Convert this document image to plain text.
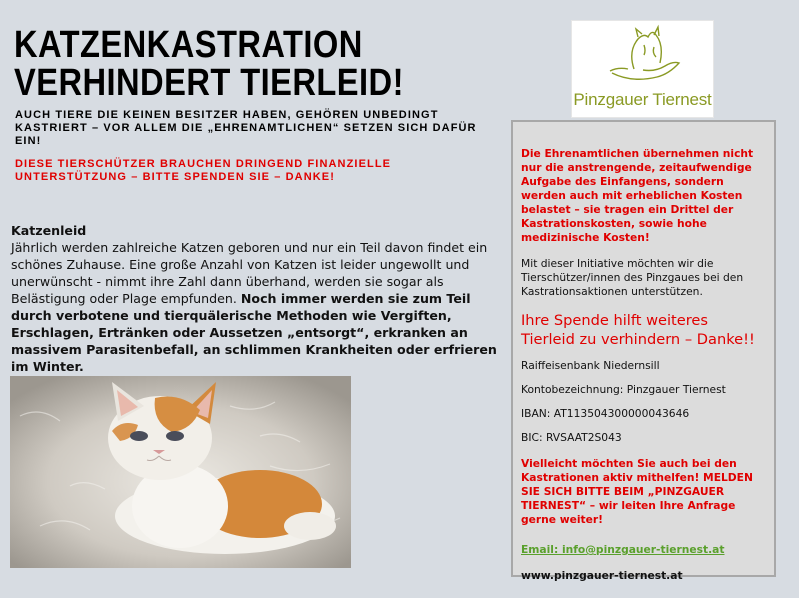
KATZENKASTRATION
VERHINDERT TIERLEID!
AUCH TIERE DIE KEINEN BESITZER HABEN, GEHÖREN UNBEDINGT KASTRIERT – VOR ALLEM DIE „EHRENAMTLICHEN“ SETZEN SICH DAFÜR EIN!
DIESE TIERSCHÜTZER BRAUCHEN DRINGEND FINANZIELLE UNTERSTÜTZUNG – BITTE SPENDEN SIE – DANKE!
Katzenleid
Jährlich werden zahlreiche Katzen geboren und nur ein Teil davon findet ein schönes Zuhause. Eine große Anzahl von Katzen ist leider ungewollt und unerwünscht - nimmt ihre Zahl dann überhand, werden sie sogar als Belästigung oder Plage empfunden. Noch immer werden sie zum Teil durch verbotene und tierquälerische Methoden wie Vergiften, Erschlagen, Ertränken oder Aussetzen „entsorgt“, erkranken an massivem Parasitenbefall, an schlimmen Krankheiten oder erfrieren im Winter.
Pinzgauer Tiernest

Die Ehrenamtlichen übernehmen nicht nur die anstrengende, zeitaufwendige Aufgabe des Einfangens, sondern werden auch mit erheblichen Kosten belastet – sie tragen ein Drittel der Kastrationskosten, sowie hohe medizinische Kosten!

Mit dieser Initiative möchten wir die Tierschützer/innen des Pinzgaues bei den Kastrationsaktionen unterstützen.

Ihre Spende hilft weiteres Tierleid zu verhindern – Danke!!

Raiffeisenbank Niedernsill

Kontobezeichnung: Pinzgauer Tiernest

IBAN: AT113504300000043646

BIC: RVSAAT2S043

Vielleicht möchten Sie auch bei den Kastrationen aktiv mithelfen! MELDEN SIE SICH BITTE BEIM „PINZGAUER TIERNEST“ – wir leiten Ihre Anfrage gerne weiter!

Email: info@pinzgauer-tiernest.at

www.pinzgauer-tiernest.at
